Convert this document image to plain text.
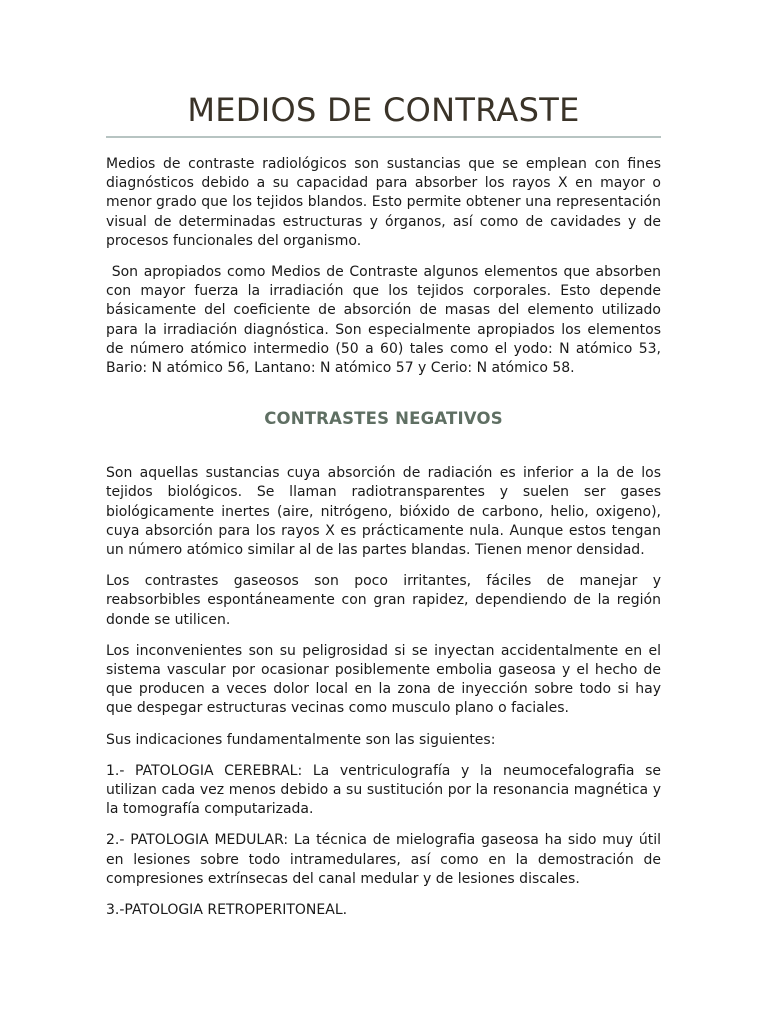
MEDIOS DE CONTRASTE

Medios de contraste radiológicos son sustancias que se emplean con fines diagnósticos debido a su capacidad para absorber los rayos X en mayor o menor grado que los tejidos blandos. Esto permite obtener una representación visual de determinadas estructuras y órganos, así como de cavidades y de procesos funcionales del organismo.

Son apropiados como Medios de Contraste algunos elementos que absorben con mayor fuerza la irradiación que los tejidos corporales. Esto depende básicamente del coeficiente de absorción de masas del elemento utilizado para la irradiación diagnóstica. Son especialmente apropiados los elementos de número atómico intermedio (50 a 60) tales como el yodo: N atómico 53, Bario: N atómico 56, Lantano: N atómico 57 y Cerio: N atómico 58.

CONTRASTES NEGATIVOS

Son aquellas sustancias cuya absorción de radiación es inferior a la de los tejidos biológicos. Se llaman radiotransparentes y suelen ser gases biológicamente inertes (aire, nitrógeno, bióxido de carbono, helio, oxigeno), cuya absorción para los rayos X es prácticamente nula. Aunque estos tengan un número atómico similar al de las partes blandas. Tienen menor densidad.

Los contrastes gaseosos son poco irritantes, fáciles de manejar y reabsorbibles espontáneamente con gran rapidez, dependiendo de la región donde se utilicen.

Los inconvenientes son su peligrosidad si se inyectan accidentalmente en el sistema vascular por ocasionar posiblemente embolia gaseosa y el hecho de que producen a veces dolor local en la zona de inyección sobre todo si hay que despegar estructuras vecinas como musculo plano o faciales.

Sus indicaciones fundamentalmente son las siguientes:

1.- PATOLOGIA CEREBRAL: La ventriculografía y la neumocefalografia se utilizan cada vez menos debido a su sustitución por la resonancia magnética y la tomografía computarizada.

2.- PATOLOGIA MEDULAR: La técnica de mielografia gaseosa ha sido muy útil en lesiones sobre todo intramedulares, así como en la demostración de compresiones extrínsecas del canal medular y de lesiones discales.

3.-PATOLOGIA RETROPERITONEAL.
